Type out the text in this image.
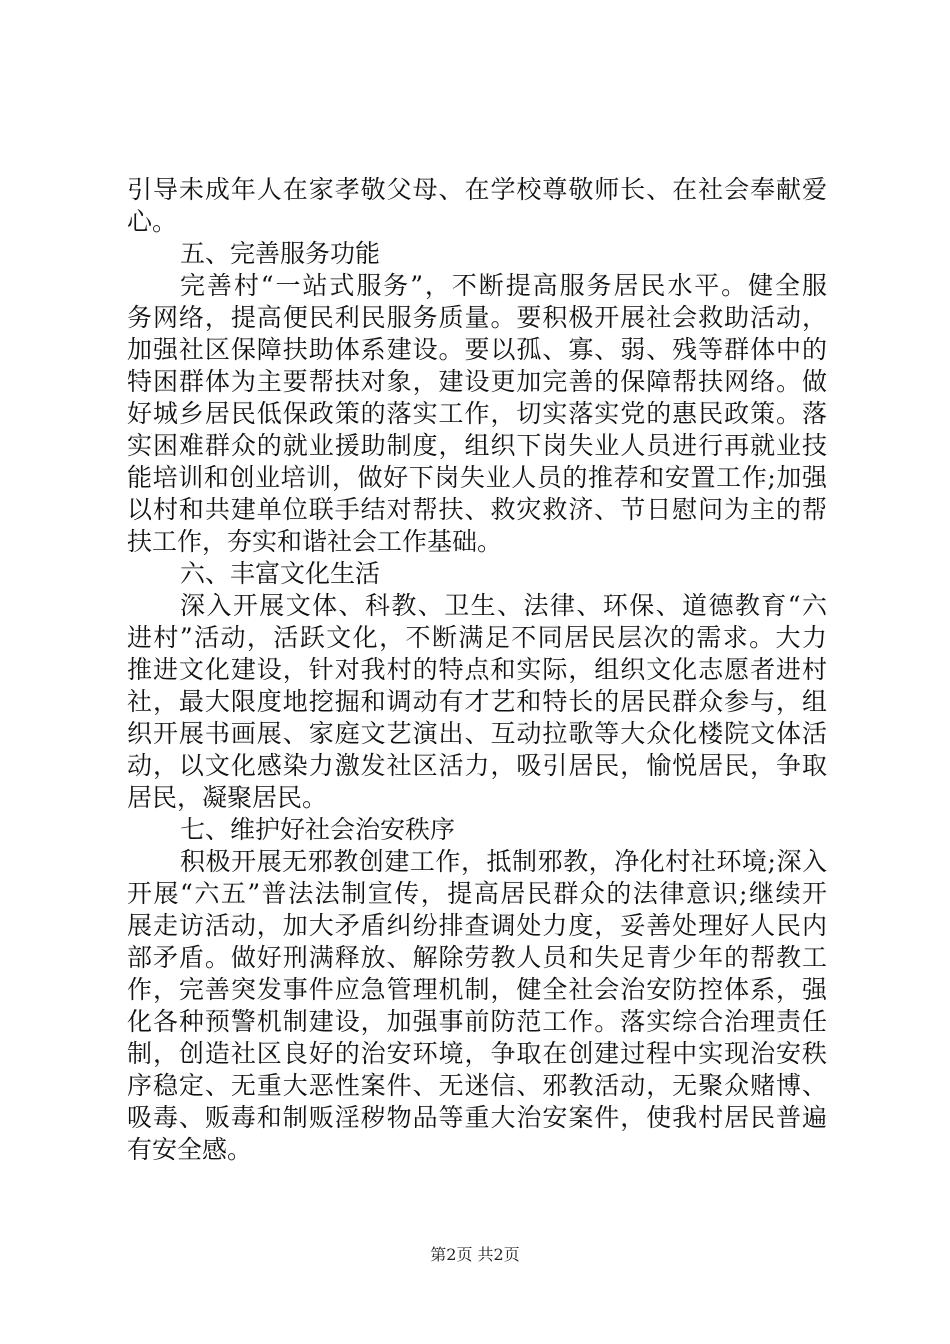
引导未成年人在家孝敬父母、在学校尊敬师长、在社会奉献爱
心。
五、完善服务功能
完善村“一站式服务”，不断提高服务居民水平。健全服
务网络，提高便民利民服务质量。要积极开展社会救助活动，
加强社区保障扶助体系建设。要以孤、寡、弱、残等群体中的
特困群体为主要帮扶对象，建设更加完善的保障帮扶网络。做
好城乡居民低保政策的落实工作，切实落实党的惠民政策。落
实困难群众的就业援助制度，组织下岗失业人员进行再就业技
能培训和创业培训，做好下岗失业人员的推荐和安置工作;加强
以村和共建单位联手结对帮扶、救灾救济、节日慰问为主的帮
扶工作，夯实和谐社会工作基础。
六、丰富文化生活
深入开展文体、科教、卫生、法律、环保、道德教育“六
进村”活动，活跃文化，不断满足不同居民层次的需求。大力
推进文化建设，针对我村的特点和实际，组织文化志愿者进村
社，最大限度地挖掘和调动有才艺和特长的居民群众参与，组
织开展书画展、家庭文艺演出、互动拉歌等大众化楼院文体活
动，以文化感染力激发社区活力，吸引居民，愉悦居民，争取
居民，凝聚居民。
七、维护好社会治安秩序
积极开展无邪教创建工作，抵制邪教，净化村社环境;深入
开展“六五”普法法制宣传，提高居民群众的法律意识;继续开
展走访活动，加大矛盾纠纷排查调处力度，妥善处理好人民内
部矛盾。做好刑满释放、解除劳教人员和失足青少年的帮教工
作，完善突发事件应急管理机制，健全社会治安防控体系，强
化各种预警机制建设，加强事前防范工作。落实综合治理责任
制，创造社区良好的治安环境，争取在创建过程中实现治安秩
序稳定、无重大恶性案件、无迷信、邪教活动，无聚众赌博、
吸毒、贩毒和制贩淫秽物品等重大治安案件，使我村居民普遍
有安全感。
第2页 共2页
